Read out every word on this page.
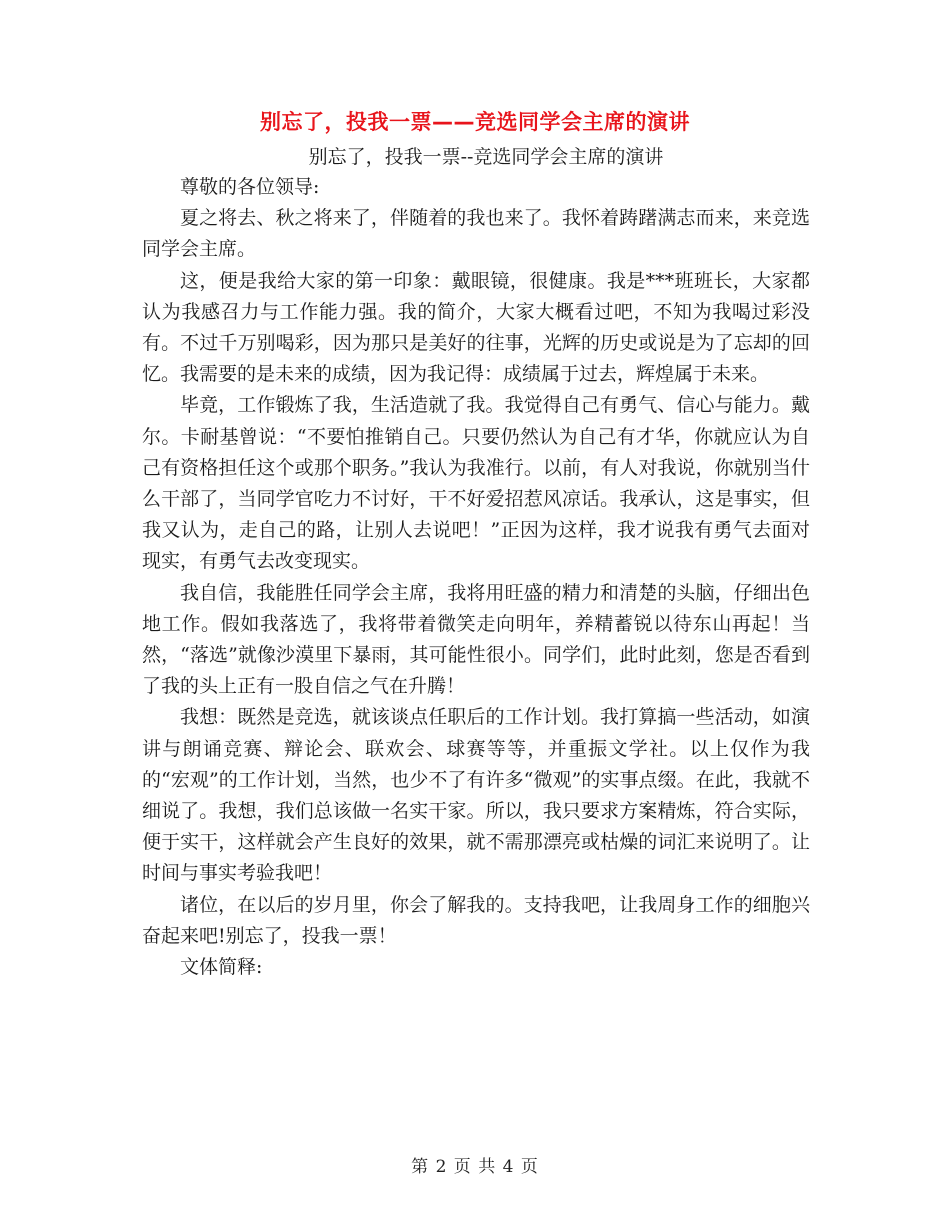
别忘了，投我一票——竞选同学会主席的演讲

别忘了，投我一票--竞选同学会主席的演讲

尊敬的各位领导:

夏之将去、秋之将来了，伴随着的我也来了。我怀着踌躇满志而来，来竞选同学会主席。

这，便是我给大家的第一印象：戴眼镜，很健康。我是***班班长，大家都认为我感召力与工作能力强。我的简介，大家大概看过吧，不知为我喝过彩没有。不过千万别喝彩，因为那只是美好的往事，光辉的历史或说是为了忘却的回忆。我需要的是未来的成绩，因为我记得：成绩属于过去，辉煌属于未来。

毕竟，工作锻炼了我，生活造就了我。我觉得自己有勇气、信心与能力。戴尔。卡耐基曾说：“不要怕推销自己。只要仍然认为自己有才华，你就应认为自己有资格担任这个或那个职务。”我认为我准行。以前，有人对我说，你就别当什么干部了，当同学官吃力不讨好，干不好爱招惹风凉话。我承认，这是事实，但我又认为，走自己的路，让别人去说吧！”正因为这样，我才说我有勇气去面对现实，有勇气去改变现实。

我自信，我能胜任同学会主席，我将用旺盛的精力和清楚的头脑，仔细出色地工作。假如我落选了，我将带着微笑走向明年，养精蓄锐以待东山再起！当然，“落选”就像沙漠里下暴雨，其可能性很小。同学们，此时此刻，您是否看到了我的头上正有一股自信之气在升腾！

我想：既然是竞选，就该谈点任职后的工作计划。我打算搞一些活动，如演讲与朗诵竞赛、辩论会、联欢会、球赛等等，并重振文学社。以上仅作为我的“宏观”的工作计划，当然，也少不了有许多“微观”的实事点缀。在此，我就不细说了。我想，我们总该做一名实干家。所以，我只要求方案精炼，符合实际，便于实干，这样就会产生良好的效果，就不需那漂亮或枯燥的词汇来说明了。让时间与事实考验我吧！

诸位，在以后的岁月里，你会了解我的。支持我吧，让我周身工作的细胞兴奋起来吧!别忘了，投我一票！

文体简释:

第 2 页 共 4 页
